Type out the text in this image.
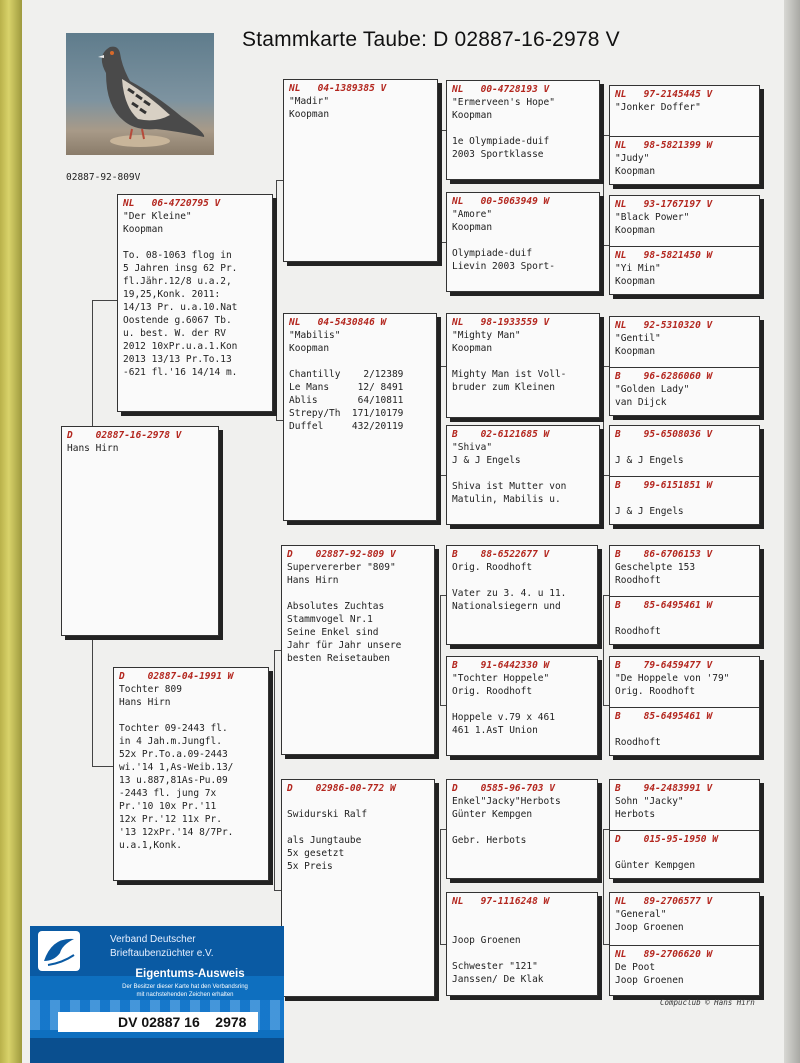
Stammkarte Taube: D 02887-16-2978 V
02887-92-809V
D    02887-16-2978 V
Hans Hirn
NL   06-4720795 V
"Der Kleine"
Koopman
To. 08-1063 flog in
5 Jahren insg 62 Pr.
fl.Jähr.12/8 u.a.2,
19,25,Konk. 2011:
14/13 Pr. u.a.10.Nat
Oostende g.6067 Tb.
u. best. W. der RV
2012 10xPr.u.a.1.Kon
2013 13/13 Pr.To.13
-621 fl.'16 14/14 m.
D    02887-04-1991 W
Tochter 809
Hans Hirn
Tochter 09-2443 fl.
in 4 Jah.m.Jungfl.
52x Pr.To.a.09-2443
wi.'14 1,As-Weib.13/
13 u.887,81As-Pu.09
-2443 fl. jung 7x
Pr.'10 10x Pr.'11
12x Pr.'12 11x Pr.
'13 12xPr.'14 8/7Pr.
u.a.1,Konk.
NL   04-1389385 V
"Madir"
Koopman
NL   04-5430846 W
"Mabilis"
Koopman
Chantilly    2/12389
Le Mans     12/ 8491
Ablis       64/10811
Strepy/Th  171/10179
Duffel     432/20119
D    02887-92-809 V
Supervererber "809"
Hans Hirn
Absolutes Zuchtas
Stammvogel Nr.1
Seine Enkel sind
Jahr für Jahr unsere
besten Reisetauben
D    02986-00-772 W
Swidurski Ralf
als Jungtaube
5x gesetzt
5x Preis
NL   00-4728193 V
"Ermerveen's Hope"
Koopman
1e Olympiade-duif
2003 Sportklasse
NL   00-5063949 W
"Amore"
Koopman
Olympiade-duif
Lievin 2003 Sport-
NL   98-1933559 V
"Mighty Man"
Koopman
Mighty Man ist Voll-
bruder zum Kleinen
B    02-6121685 W
"Shiva"
J & J Engels
Shiva ist Mutter von
Matulin, Mabilis u.
B    88-6522677 V
Orig. Roodhoft
Vater zu 3. 4. u 11.
Nationalsiegern und
B    91-6442330 W
"Tochter Hoppele"
Orig. Roodhoft
Hoppele v.79 x 461
461 1.AsT Union
D    0585-96-703 V
Enkel"Jacky"Herbots
Günter Kempgen
Gebr. Herbots
NL   97-1116248 W
Joop Groenen
Schwester "121"
Janssen/ De Klak
NL   97-2145445 V
"Jonker Doffer"
NL   98-5821399 W
"Judy"
Koopman
NL   93-1767197 V
"Black Power"
Koopman
NL   98-5821450 W
"Yi Min"
Koopman
NL   92-5310320 V
"Gentil"
Koopman
B    96-6286060 W
"Golden Lady"
van Dijck
B    95-6508036 V
J & J Engels
B    99-6151851 W
J & J Engels
B    86-6706153 V
Geschelpte 153
Roodhoft
B    85-6495461 W
Roodhoft
B    79-6459477 V
"De Hoppele von '79"
Orig. Roodhoft
B    85-6495461 W
Roodhoft
B    94-2483991 V
Sohn "Jacky"
Herbots
D    015-95-1950 W
Günter Kempgen
NL   89-2706577 V
"General"
Joop Groenen
NL   89-2706620 W
De Poot
Joop Groenen
Compuclub © Hans Hirn
Verband Deutscher
Brieftaubenzüchter e.V.
Eigentums-Ausweis
Der Besitzer dieser Karte hat den Verbandsring
mit nachstehenden Zeichen erhalten
DV 02887 16    2978
